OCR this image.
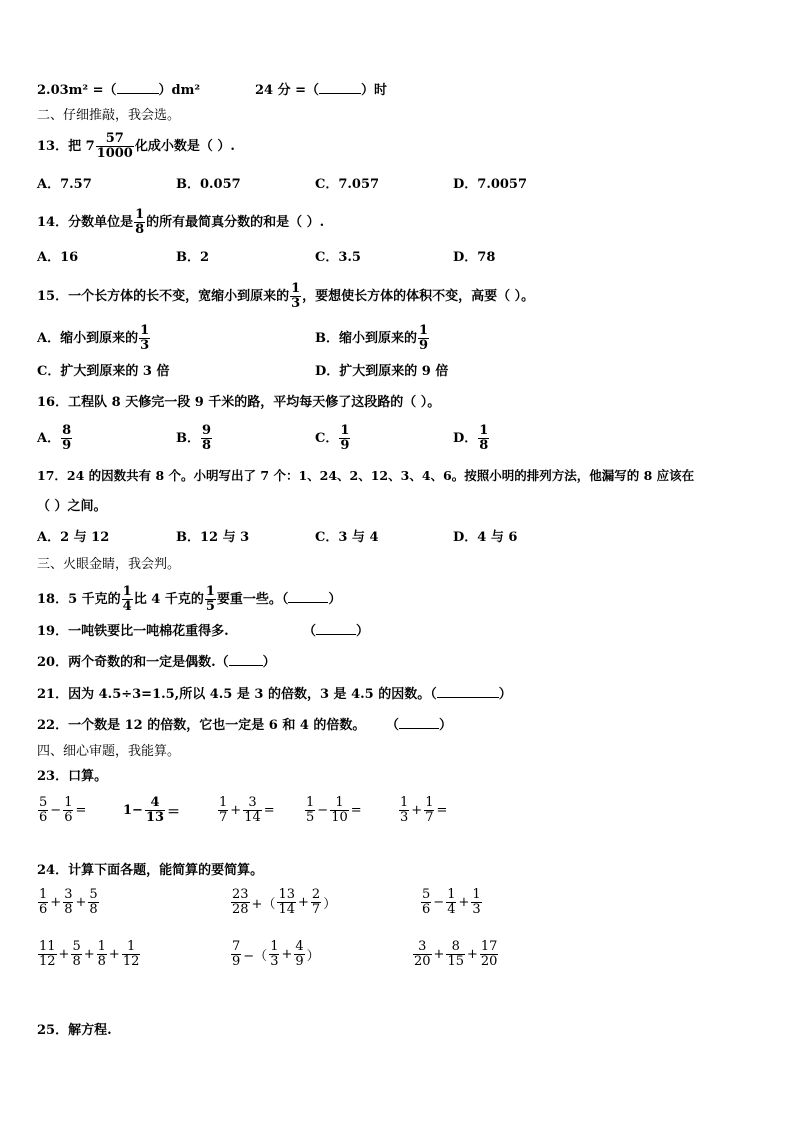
2.03m² =（	）dm²	24 分 =（	）时
二、仔细推敲，我会选。
13．把 $7 \frac{57}{1000}$ 化成小数是（ ）.
A．7.57	B．0.057	C．7.057	D．7.0057
14．分数单位是 $\frac{1}{8}$ 的所有最简真分数的和是（ ）.
A．16	B．2	C．3.5	D．78
15．一个长方体的长不变，宽缩小到原来的 $\frac{1}{3}$ ，要想使长方体的体积不变，高要（ ）。
A．缩小到原来的 $\frac{1}{3}$	B．缩小到原来的 $\frac{1}{9}$
C．扩大到原来的 3 倍	D．扩大到原来的 9 倍
16．工程队 8 天修完一段 9 千米的路，平均每天修了这段路的（ ）。
A． $\frac{8}{9}$	B． $\frac{9}{8}$	C． $\frac{1}{9}$	D． $\frac{1}{8}$
17．24 的因数共有 8 个。小明写出了 7 个：1、24、2、12、3、4、6。按照小明的排列方法，他漏写的 8 应该在
（ ）之间。
A．2 与 12	B．12 与 3	C．3 与 4	D．4 与 6
三、火眼金睛，我会判。
18．5 千克的 $\frac{1}{4}$ 比 4 千克的 $\frac{1}{5}$ 要重一些。（	）
19．一吨铁要比一吨棉花重得多.	（	）
20．两个奇数的和一定是偶数.（	）
21．因为 4.5÷3=1.5,所以 4.5 是 3 的倍数，3 是 4.5 的因数。（	）
22．一个数是 12 的倍数，它也一定是 6 和 4 的倍数。 （	）
四、细心审题，我能算。
23．口算。
$\frac{5}{6} - \frac{1}{6}$ =	$1- \frac{4}{13}$ ＝	$\frac{1}{7} + \frac{3}{14} = \frac{1}{5} - \frac{1}{10}$ =	$\frac{1}{3} + \frac{1}{7}$ =
24．计算下面各题，能简算的要简算。
$\frac{1}{6} + \frac{3}{8} + \frac{5}{8}$	$\frac{23}{28}$ +（ $\frac{13}{14} + \frac{2}{7}$ ）	$\frac{5}{6} - \frac{1}{4} + \frac{1}{3}$
$\frac{11}{12} + \frac{5}{8} + \frac{1}{8} + \frac{1}{12}$	$\frac{7}{9}$ −（ $\frac{1}{3} + \frac{4}{9}$ ）	$\frac{3}{20} + \frac{8}{15} + \frac{17}{20}$
25．解方程.
